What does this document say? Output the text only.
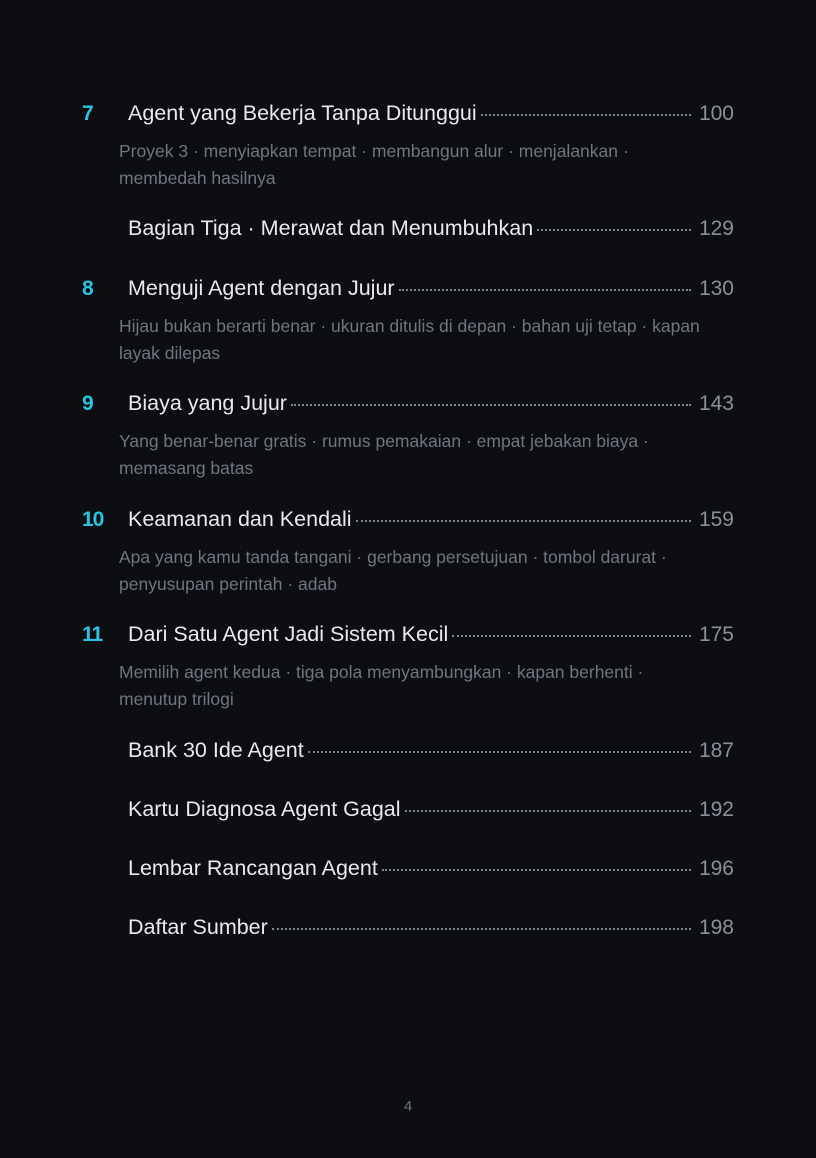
7	Agent yang Bekerja Tanpa Ditunggui	100
Proyek 3 · menyiapkan tempat · membangun alur · menjalankan · membedah hasilnya
Bagian Tiga · Merawat dan Menumbuhkan	129
8	Menguji Agent dengan Jujur	130
Hijau bukan berarti benar · ukuran ditulis di depan · bahan uji tetap · kapan layak dilepas
9	Biaya yang Jujur	143
Yang benar-benar gratis · rumus pemakaian · empat jebakan biaya · memasang batas
10	Keamanan dan Kendali	159
Apa yang kamu tanda tangani · gerbang persetujuan · tombol darurat · penyusupan perintah · adab
11	Dari Satu Agent Jadi Sistem Kecil	175
Memilih agent kedua · tiga pola menyambungkan · kapan berhenti · menutup trilogi
Bank 30 Ide Agent	187
Kartu Diagnosa Agent Gagal	192
Lembar Rancangan Agent	196
Daftar Sumber	198
4
